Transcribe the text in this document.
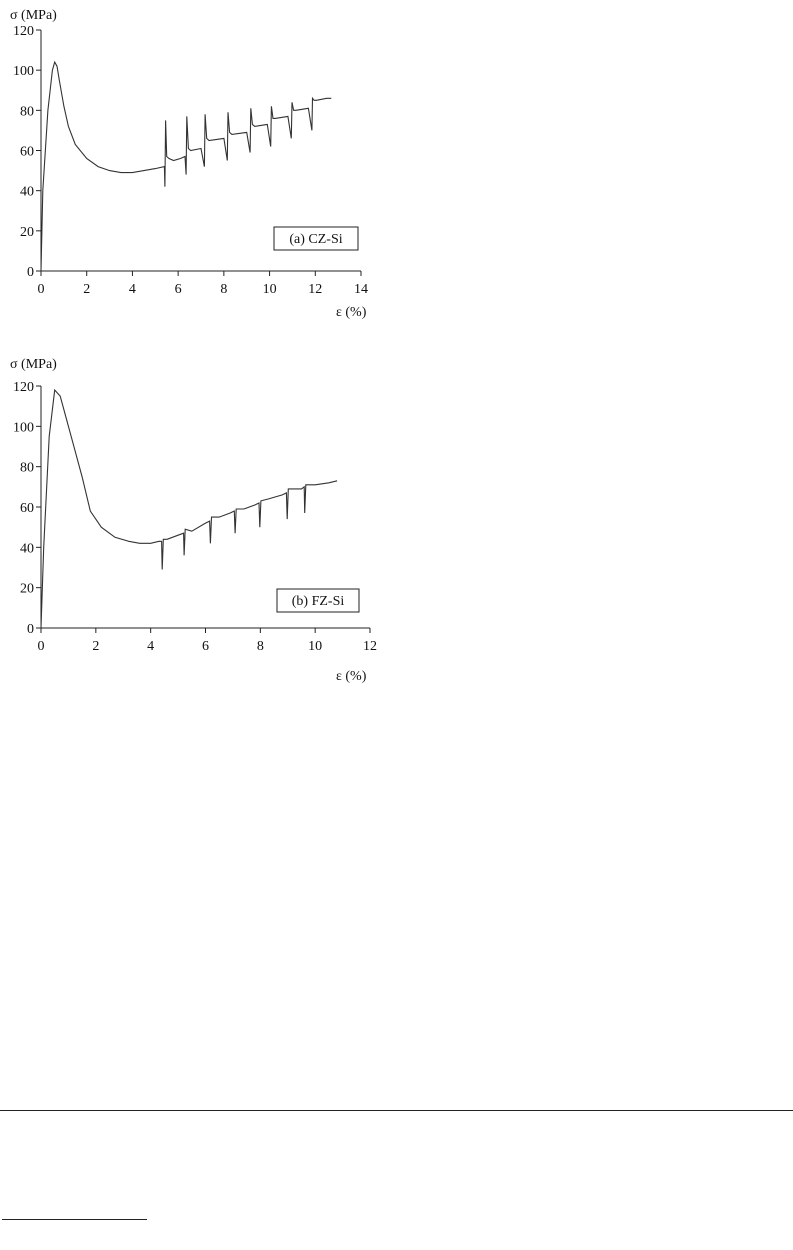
σ (MPa)
0
20
40
60
80
100
120
0	2	4	6	8	10 12 14
(a) CZ-Si
ε (%)
σ (MPa)
0
20
40
60
80
100
120
0	2	4	6	8	10	12
(b) FZ-Si
ε (%)
